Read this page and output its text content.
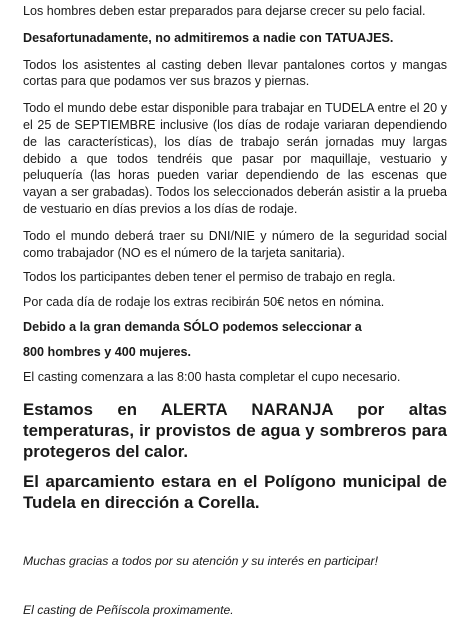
Los hombres deben estar preparados para dejarse crecer su pelo facial.

Desafortunadamente, no admitiremos a nadie con TATUAJES.

Todos los asistentes al casting deben llevar pantalones cortos y mangas cortas para que podamos ver sus brazos y piernas.

Todo el mundo debe estar disponible para trabajar en TUDELA entre el 20 y el 25 de SEPTIEMBRE inclusive (los días de rodaje variaran dependiendo de las características), los días de trabajo serán jornadas muy largas debido a que todos tendréis que pasar por maquillaje, vestuario y peluquería (las horas pueden variar dependiendo de las escenas que vayan a ser grabadas). Todos los seleccionados deberán asistir a la prueba de vestuario en días previos a los días de rodaje.

Todo el mundo deberá traer su DNI/NIE y número de la seguridad social como trabajador (NO es el número de la tarjeta sanitaria).

Todos los participantes deben tener el permiso de trabajo en regla.

Por cada día de rodaje los extras recibirán 50€ netos en nómina.

Debido a la gran demanda SÓLO podemos seleccionar a

800 hombres y 400 mujeres.

El casting comenzara a las 8:00 hasta completar el cupo necesario.

Estamos en ALERTA NARANJA por altas temperaturas, ir provistos de agua y sombreros para protegeros del calor.

El aparcamiento estara en el Polígono municipal de Tudela en dirección a Corella.

Muchas gracias a todos por su atención y su interés en participar!

El casting de Peñíscola proximamente.
